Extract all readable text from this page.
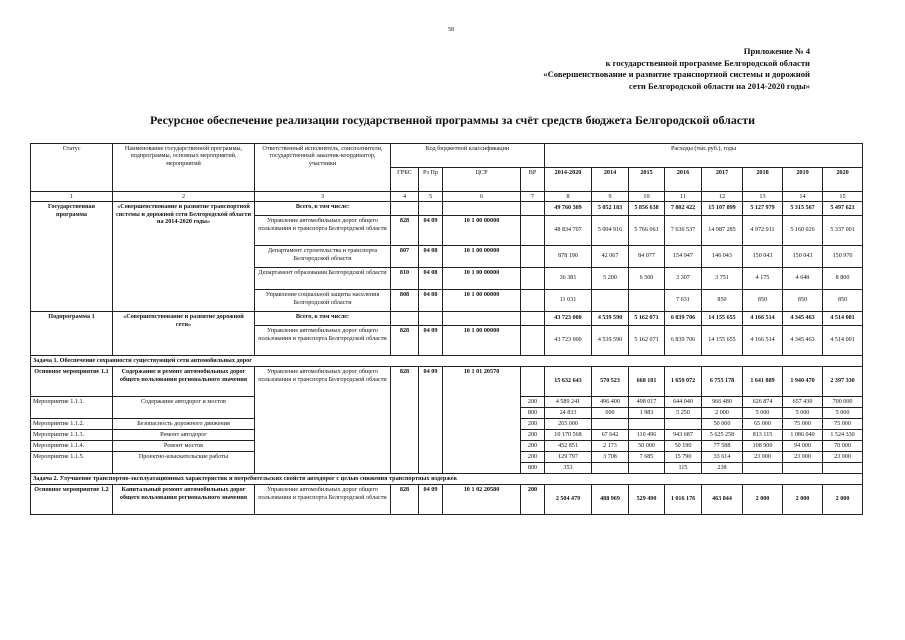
58
Приложение № 4
к государственной программе Белгородской области
«Совершенствование и развитие транспортной системы и дорожной
сети Белгородской области на 2014-2020 годы»
Ресурсное обеспечение реализации государственной программы за счёт средств бюджета Белгородской области
Статус	Наименование государственной программы, подпрограммы, основных мероприятий, мероприятий	Ответственный исполнитель, соисполнители, государственный заказчик-координатор, участники	Код бюджетной классификации				Расходы (тыс.руб.), годы							
			ГРБС	Рз Пр	ЦСР	ВР	2014-2020	2014	2015	2016	2017	2018	2019	2020
1	2	3	4	5	6	7	8	9	10	11	12	13	14	15
Государственная программа	«Совершенствование и развитие транспортной системы и дорожной сети Белгородской области на 2014-2020 годы»	Всего, в том числе:					49 760 309	5 052 183	5 856 638	7 802 422	15 107 899	5 127 979	5 315 567	5 497 621
		Управление автомобильных дорог общего пользования и транспорта Белгородской области	828	04 09	10 1 00 00000		48 834 707	5 004 916	5 766 061	7 636 537	14 987 285	4 972 911	5 160 026	5 337 001
		Департамент строительства и транспорта Белгородской области	807	04 08	10 1 00 00000		878 190	42 067	84 077	154 947	146 043	150 043	150 043	150 970
		Департамент образования Белгородской области	810	04 08	10 1 00 00000		36 381	5 200	6 500	3 307	3 751	4 175	4 648	8 800
		Управление социальной защиты населения Белгородской области	808	04 08	10 1 00 00000		11 031			7 631	850	850	850	850
Подпрограмма 1	«Совершенствование и развитие дорожной сети»	Всего, в том числе:					43 723 000	4 539 590	5 162 071	6 839 706	14 155 655	4 166 514	4 345 463	4 514 001
		Управление автомобильных дорог общего пользования и транспорта Белгородской области	828	04 09	10 1 00 00000		43 723 000	4 539 590	5 162 071	6 839 706	14 155 655	4 166 514	4 345 463	4 514 001
Задача 1. Обеспечение сохранности существующей сети автомобильных дорог														
Основное мероприятие 1.1	Содержание и ремонт автомобильных дорог общего пользования регионального значения	Управление автомобильных дорог общего пользования и транспорта Белгородской области	828	04 09	10 1 01 20570		15 632 643	570 523	668 181	1 659 072	6 755 178	1 641 889	1 940 470	2 397 330
Мероприятие 1.1.1.	Содержание автодорог и мостов					200	4 589 241	496 400	498 017	644 040	966 480	626 874	657 430	700 000
						800	24 833	600	1 983	5 250	2 000	5 000	5 000	5 000
Мероприятие 1.1.2.	Безопасность дорожного движения					200	265 000				50 000	65 000	75 000	75 000
Мероприятие 1.1.3.	Ремонт автодорог					200	10 170 568	67 642	110 496	943 687	5 625 258	813 115	1 086 040	1 524 330
Мероприятие 1.1.4.	Ремонт мостов					200	452 851	2 173	50 000	50 190	77 588	108 900	94 000	70 000
Мероприятие 1.1.5.	Проектно-изыскательские работы					200	129 797	3 708	7 685	15 790	33 614	23 000	23 000	23 000
						800	353			115	238			
Задача 2. Улучшение транспортно-эксплуатационных характеристик и потребительских свойств автодорог с целью снижения транспортных издержек														
Основное мероприятие 1.2	Капитальный ремонт автомобильных дорог общего пользования регионального значения	Управление автомобильных дорог общего пользования и транспорта Белгородской области	828	04 09	10 1 02 20580	200	2 504 479	488 969	529 490	1 016 176	463 844	2 000	2 000	2 000
